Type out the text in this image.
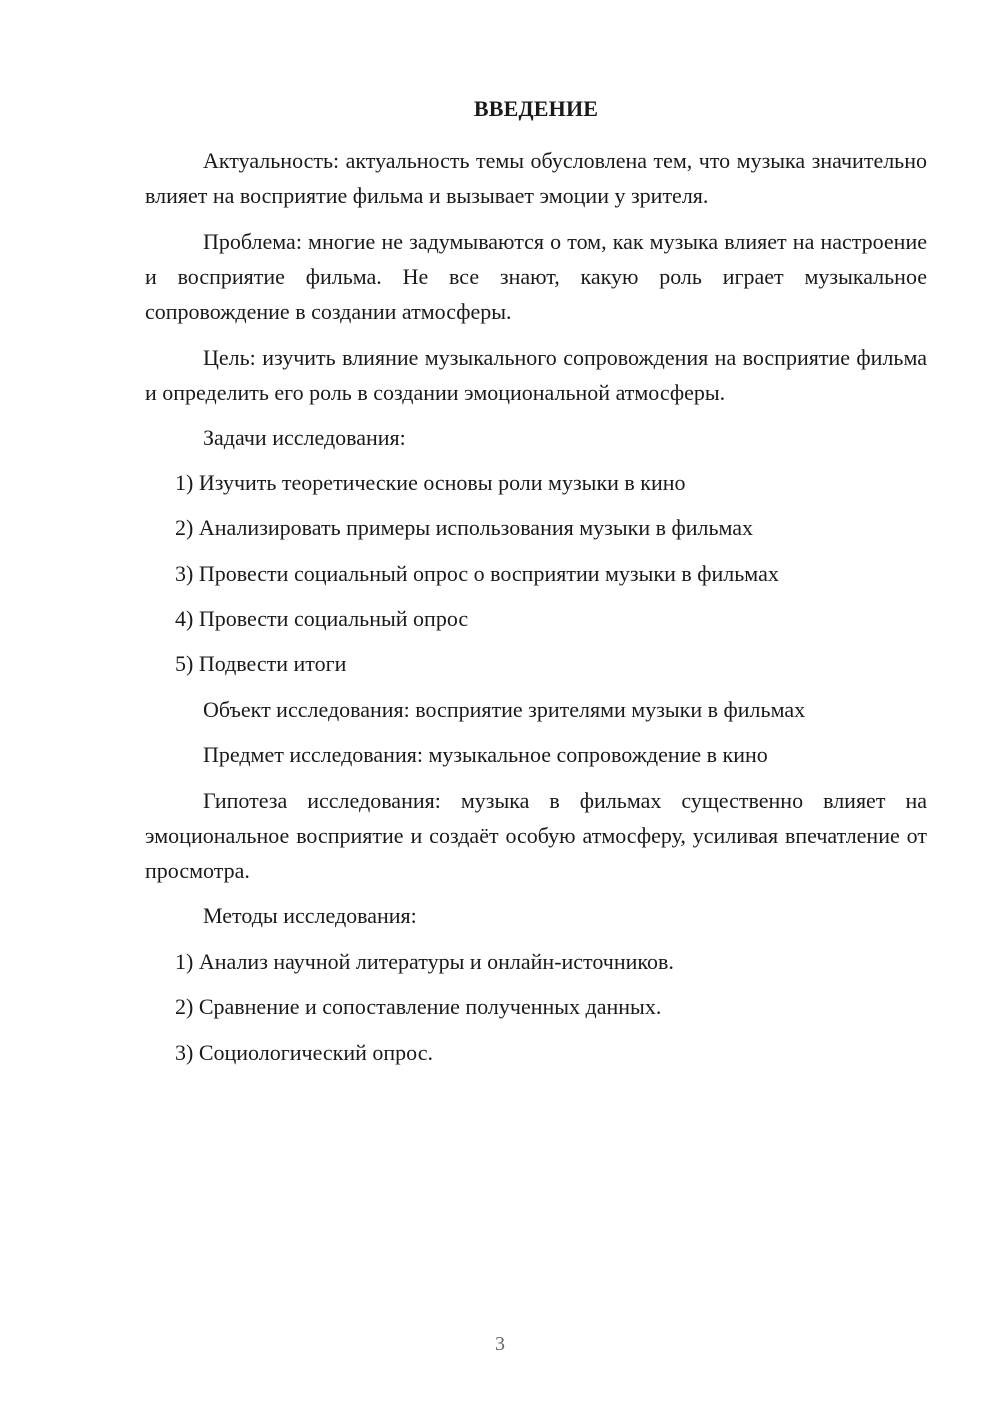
ВВЕДЕНИЕ

Актуальность: актуальность темы обусловлена тем, что музыка значительно влияет на восприятие фильма и вызывает эмоции у зрителя.

Проблема: многие не задумываются о том, как музыка влияет на настроение и восприятие фильма. Не все знают, какую роль играет музыкальное сопровождение в создании атмосферы.

Цель: изучить влияние музыкального сопровождения на восприятие фильма и определить его роль в создании эмоциональной атмосферы.

Задачи исследования:

1) Изучить теоретические основы роли музыки в кино

2) Анализировать примеры использования музыки в фильмах

3) Провести социальный опрос о восприятии музыки в фильмах

4) Провести социальный опрос

5) Подвести итоги

Объект исследования: восприятие зрителями музыки в фильмах

Предмет исследования: музыкальное сопровождение в кино

Гипотеза исследования: музыка в фильмах существенно влияет на эмоциональное восприятие и создаёт особую атмосферу, усиливая впечатление от просмотра.

Методы исследования:

1) Анализ научной литературы и онлайн-источников.

2) Сравнение и сопоставление полученных данных.

3) Социологический опрос.

3
